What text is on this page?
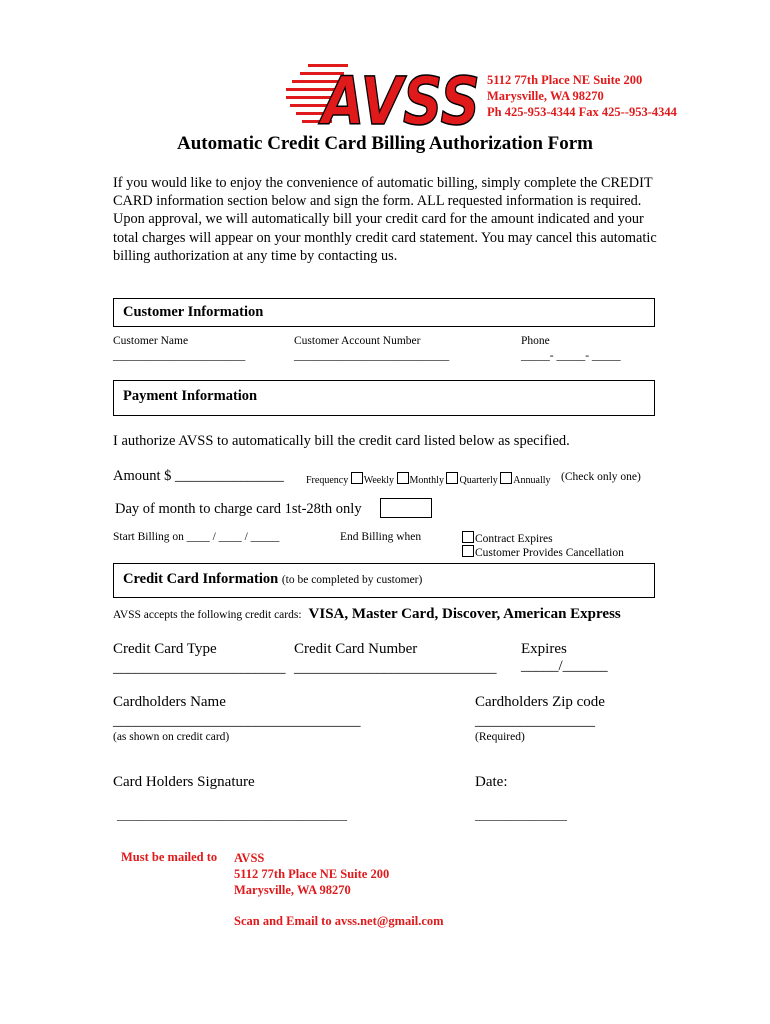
AVSS 5112 77th Place NE Suite 200
Marysville, WA 98270
Ph 425-953-4344 Fax 425--953-4344
Automatic Credit Card Billing Authorization Form
If you would like to enjoy the convenience of automatic billing, simply complete the CREDIT CARD information section below and sign the form. ALL requested information is required. Upon approval, we will automatically bill your credit card for the amount indicated and your total charges will appear on your monthly credit card statement. You may cancel this automatic billing authorization at any time by contacting us.
Customer Information
Customer Name
_______________________
Customer Account Number
___________________________
Phone
_____- _____- _____
Payment Information
I authorize AVSS to automatically bill the credit card listed below as specified.
Amount $ _______________ Frequency Weekly Monthly Quarterly Annually (Check only one)
Day of month to charge card 1st-28th only
Start Billing on ____ / ____ / _____	End Billing when	Contract Expires
Customer Provides Cancellation
Credit Card Information (to be completed by customer)
AVSS accepts the following credit cards: VISA, Master Card, Discover, American Express
Credit Card Type
_______________________
Credit Card Number
___________________________
Expires
_____/______
Cardholders Name
_________________________________
(as shown on credit card)
Cardholders Zip code
________________
(Required)
Card Holders Signature
________________________________________
Date:
________________
Must be mailed to AVSS
5112 77th Place NE Suite 200
Marysville, WA 98270
Scan and Email to avss.net@gmail.com
